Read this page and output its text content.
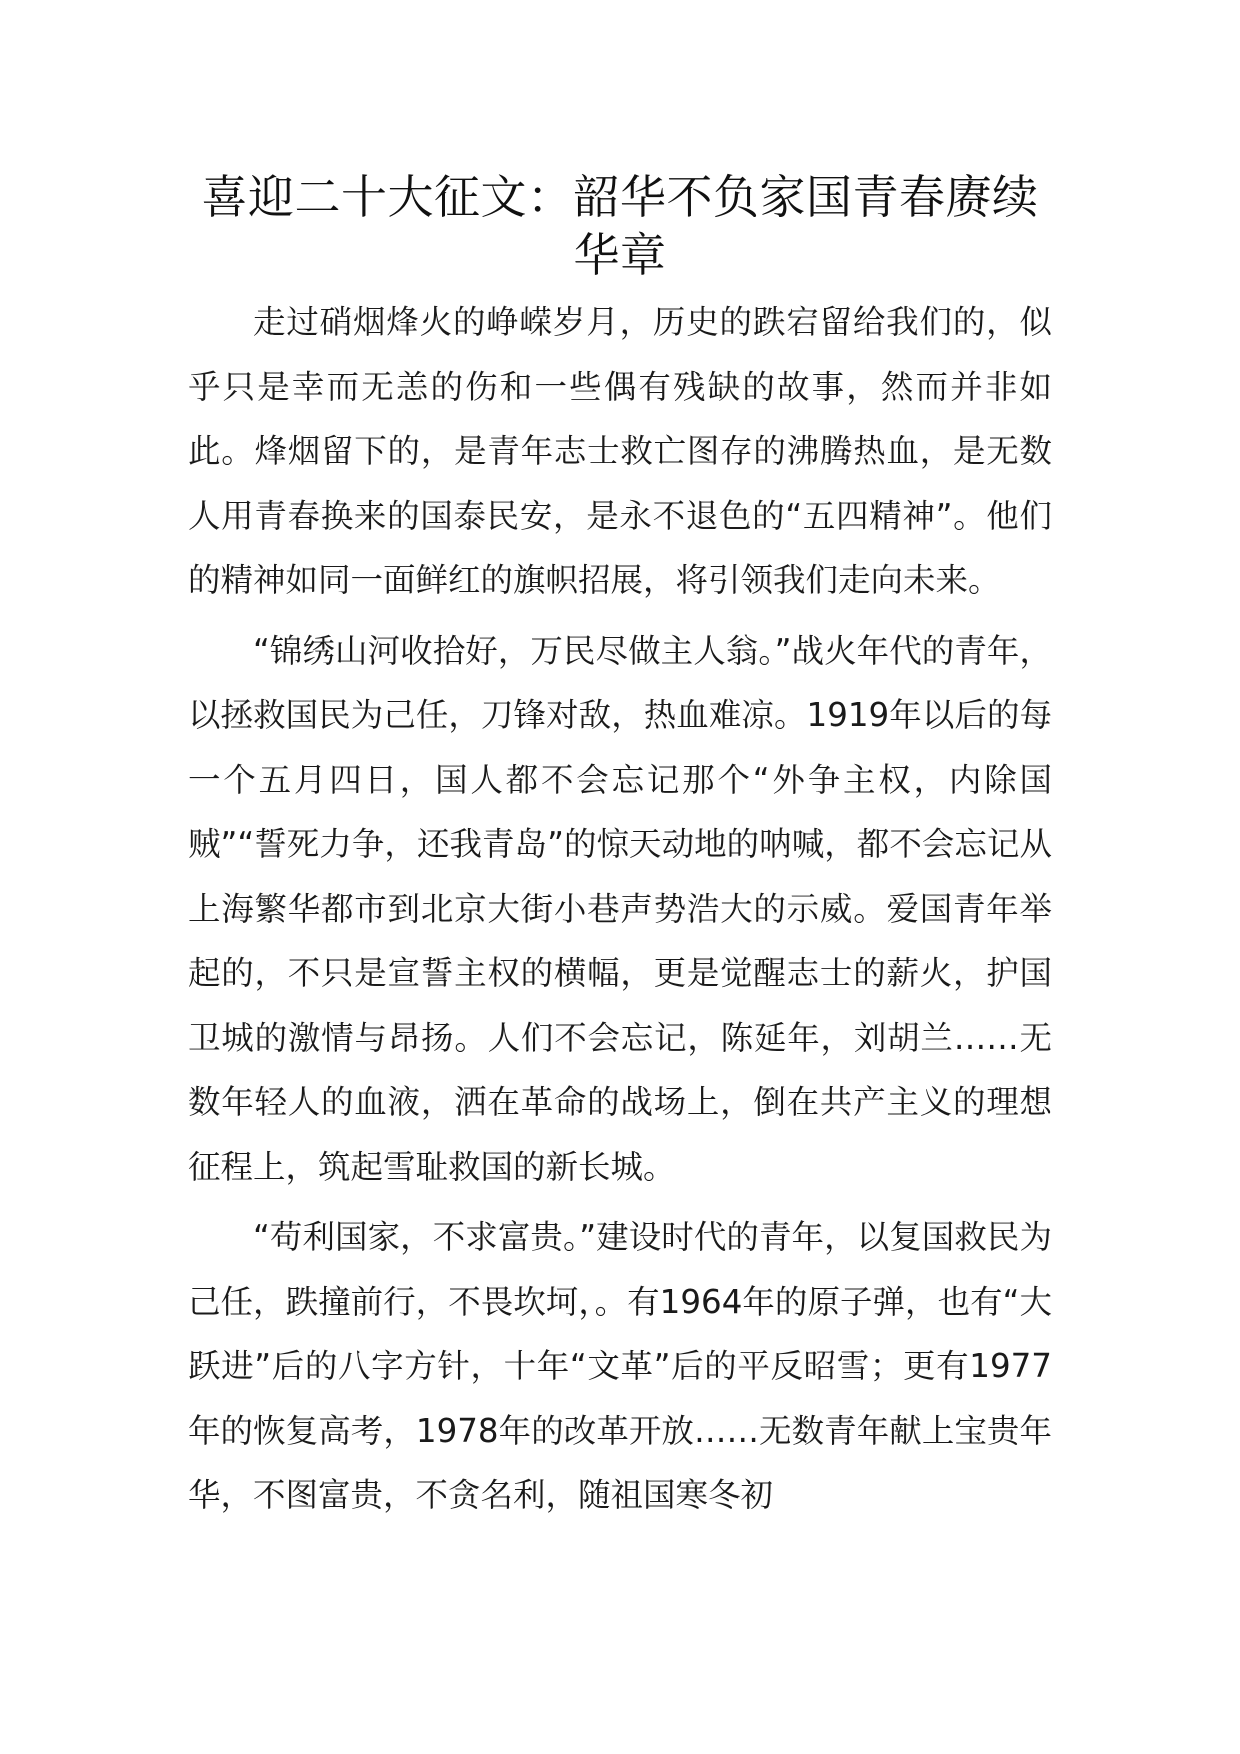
喜迎二十大征文：韶华不负家国青春赓续华章

走过硝烟烽火的峥嵘岁月，历史的跌宕留给我们的，似乎只是幸而无恙的伤和一些偶有残缺的故事，然而并非如此。烽烟留下的，是青年志士救亡图存的沸腾热血，是无数人用青春换来的国泰民安，是永不退色的“五四精神”。他们的精神如同一面鲜红的旗帜招展，将引领我们走向未来。

“锦绣山河收拾好，万民尽做主人翁。”战火年代的青年，以拯救国民为己任，刀锋对敌，热血难凉。1919年以后的每一个五月四日，国人都不会忘记那个“外争主权，内除国贼”“誓死力争，还我青岛”的惊天动地的呐喊，都不会忘记从上海繁华都市到北京大街小巷声势浩大的示威。爱国青年举起的，不只是宣誓主权的横幅，更是觉醒志士的薪火，护国卫城的激情与昂扬。人们不会忘记，陈延年，刘胡兰……无数年轻人的血液，洒在革命的战场上，倒在共产主义的理想征程上，筑起雪耻救国的新长城。

“苟利国家，不求富贵。”建设时代的青年，以复国救民为己任，跌撞前行，不畏坎坷，。有1964年的原子弹，也有“大跃进”后的八字方针，十年“文革”后的平反昭雪；更有1977年的恢复高考，1978年的改革开放……无数青年献上宝贵年华，不图富贵，不贪名利，随祖国寒冬初
